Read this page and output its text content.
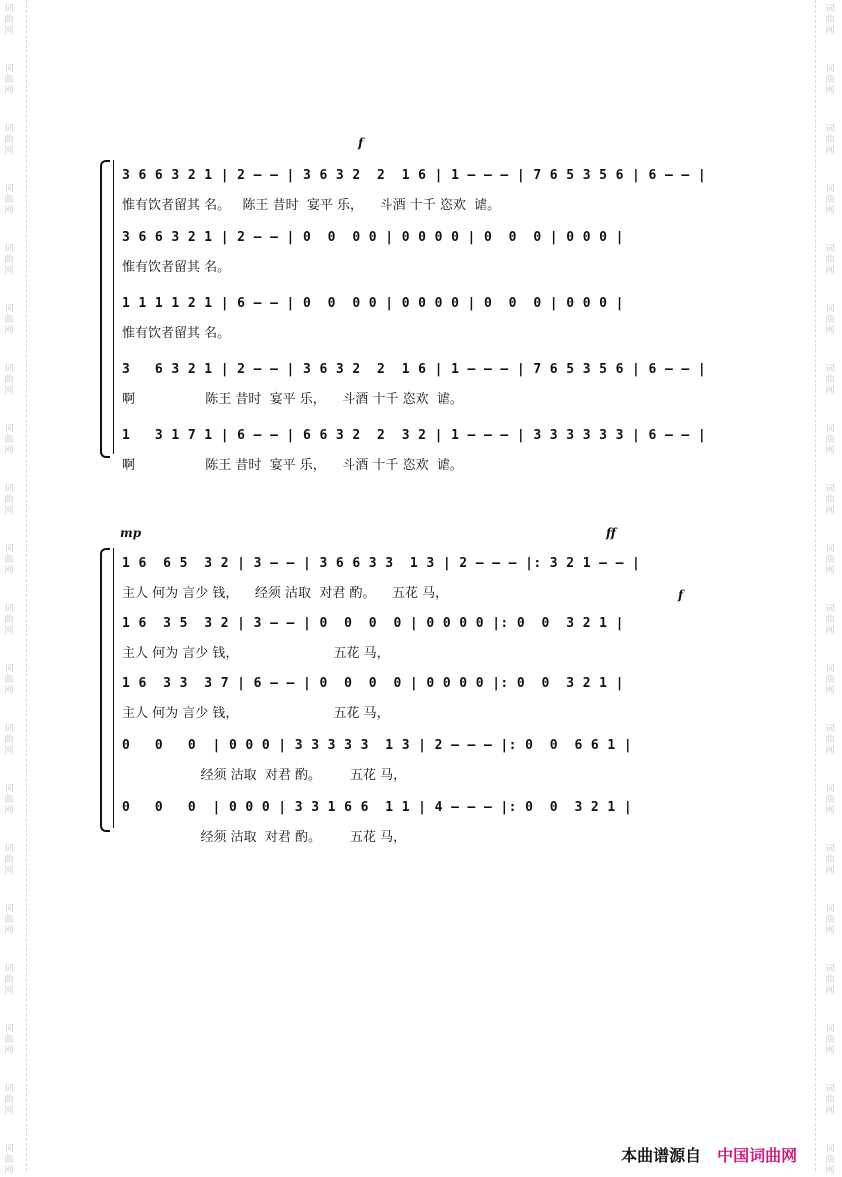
词
曲
网
词
曲
网
词
曲
网
词
曲
网
词
曲
网
词
曲
网
词
曲
网
词
曲
网
词
曲
网
词
曲
网
词
曲
网
词
曲
网
词
曲
网
词
曲
网
词
曲
网
词
曲
网
词
曲
网
词
曲
网
词
曲
网
词
曲
网
词
曲
网
词
曲
网
词
曲
网
词
曲
网
词
曲
网
词
曲
网
词
曲
网
词
曲
网
词
曲
网
词
曲
网
词
曲
网
词
曲
网
词
曲
网
词
曲
网
词
曲
网
词
曲
网
词
曲
网
词
曲
网
词
曲
网
词
曲
网
f
3 6 6 3 2 1 | 2 – – | 3 6 3 2  2  1 6 | 1 – – – | 7 6 5 3 5 6 | 6 – – |
惟有饮者留其 名。   陈王 昔时  宴平 乐，    斗酒 十千 恣欢  谑。
3 6 6 3 2 1 | 2 – – | 0  0  0 0 | 0 0 0 0 | 0  0  0 | 0 0 0 |
惟有饮者留其 名。
1 1 1 1 2 1 | 6 – – | 0  0  0 0 | 0 0 0 0 | 0  0  0 | 0 0 0 |
惟有饮者留其 名。
3   6 3 2 1 | 2 – – | 3 6 3 2  2  1 6 | 1 – – – | 7 6 5 3 5 6 | 6 – – |
啊                 陈王 昔时  宴平 乐，    斗酒 十千 恣欢  谑。
1   3 1 7 1 | 6 – – | 6 6 3 2  2  3 2 | 1 – – – | 3 3 3 3 3 3 | 6 – – |
啊                 陈王 昔时  宴平 乐，    斗酒 十千 恣欢  谑。
mp	ff
f
1 6  6 5  3 2 | 3 – – | 3 6 6 3 3  1 3 | 2 – – – |: 3 2 1 – – |
主人 何为 言少 钱，    经须 沽取  对君 酌。    五花 马，
1 6  3 5  3 2 | 3 – – | 0  0  0  0 | 0 0 0 0 |: 0  0  3 2 1 |
主人 何为 言少 钱，                       五花 马，
1 6  3 3  3 7 | 6 – – | 0  0  0  0 | 0 0 0 0 |: 0  0  3 2 1 |
主人 何为 言少 钱，                       五花 马，
0   0   0  | 0 0 0 | 3 3 3 3 3  1 3 | 2 – – – |: 0  0  6 6 1 |
经须 沽取  对君 酌。       五花 马，
0   0   0  | 0 0 0 | 3 3 1 6 6  1 1 | 4 – – – |: 0  0  3 2 1 |
经须 沽取  对君 酌。       五花 马，

本曲谱源自 中国词曲网
